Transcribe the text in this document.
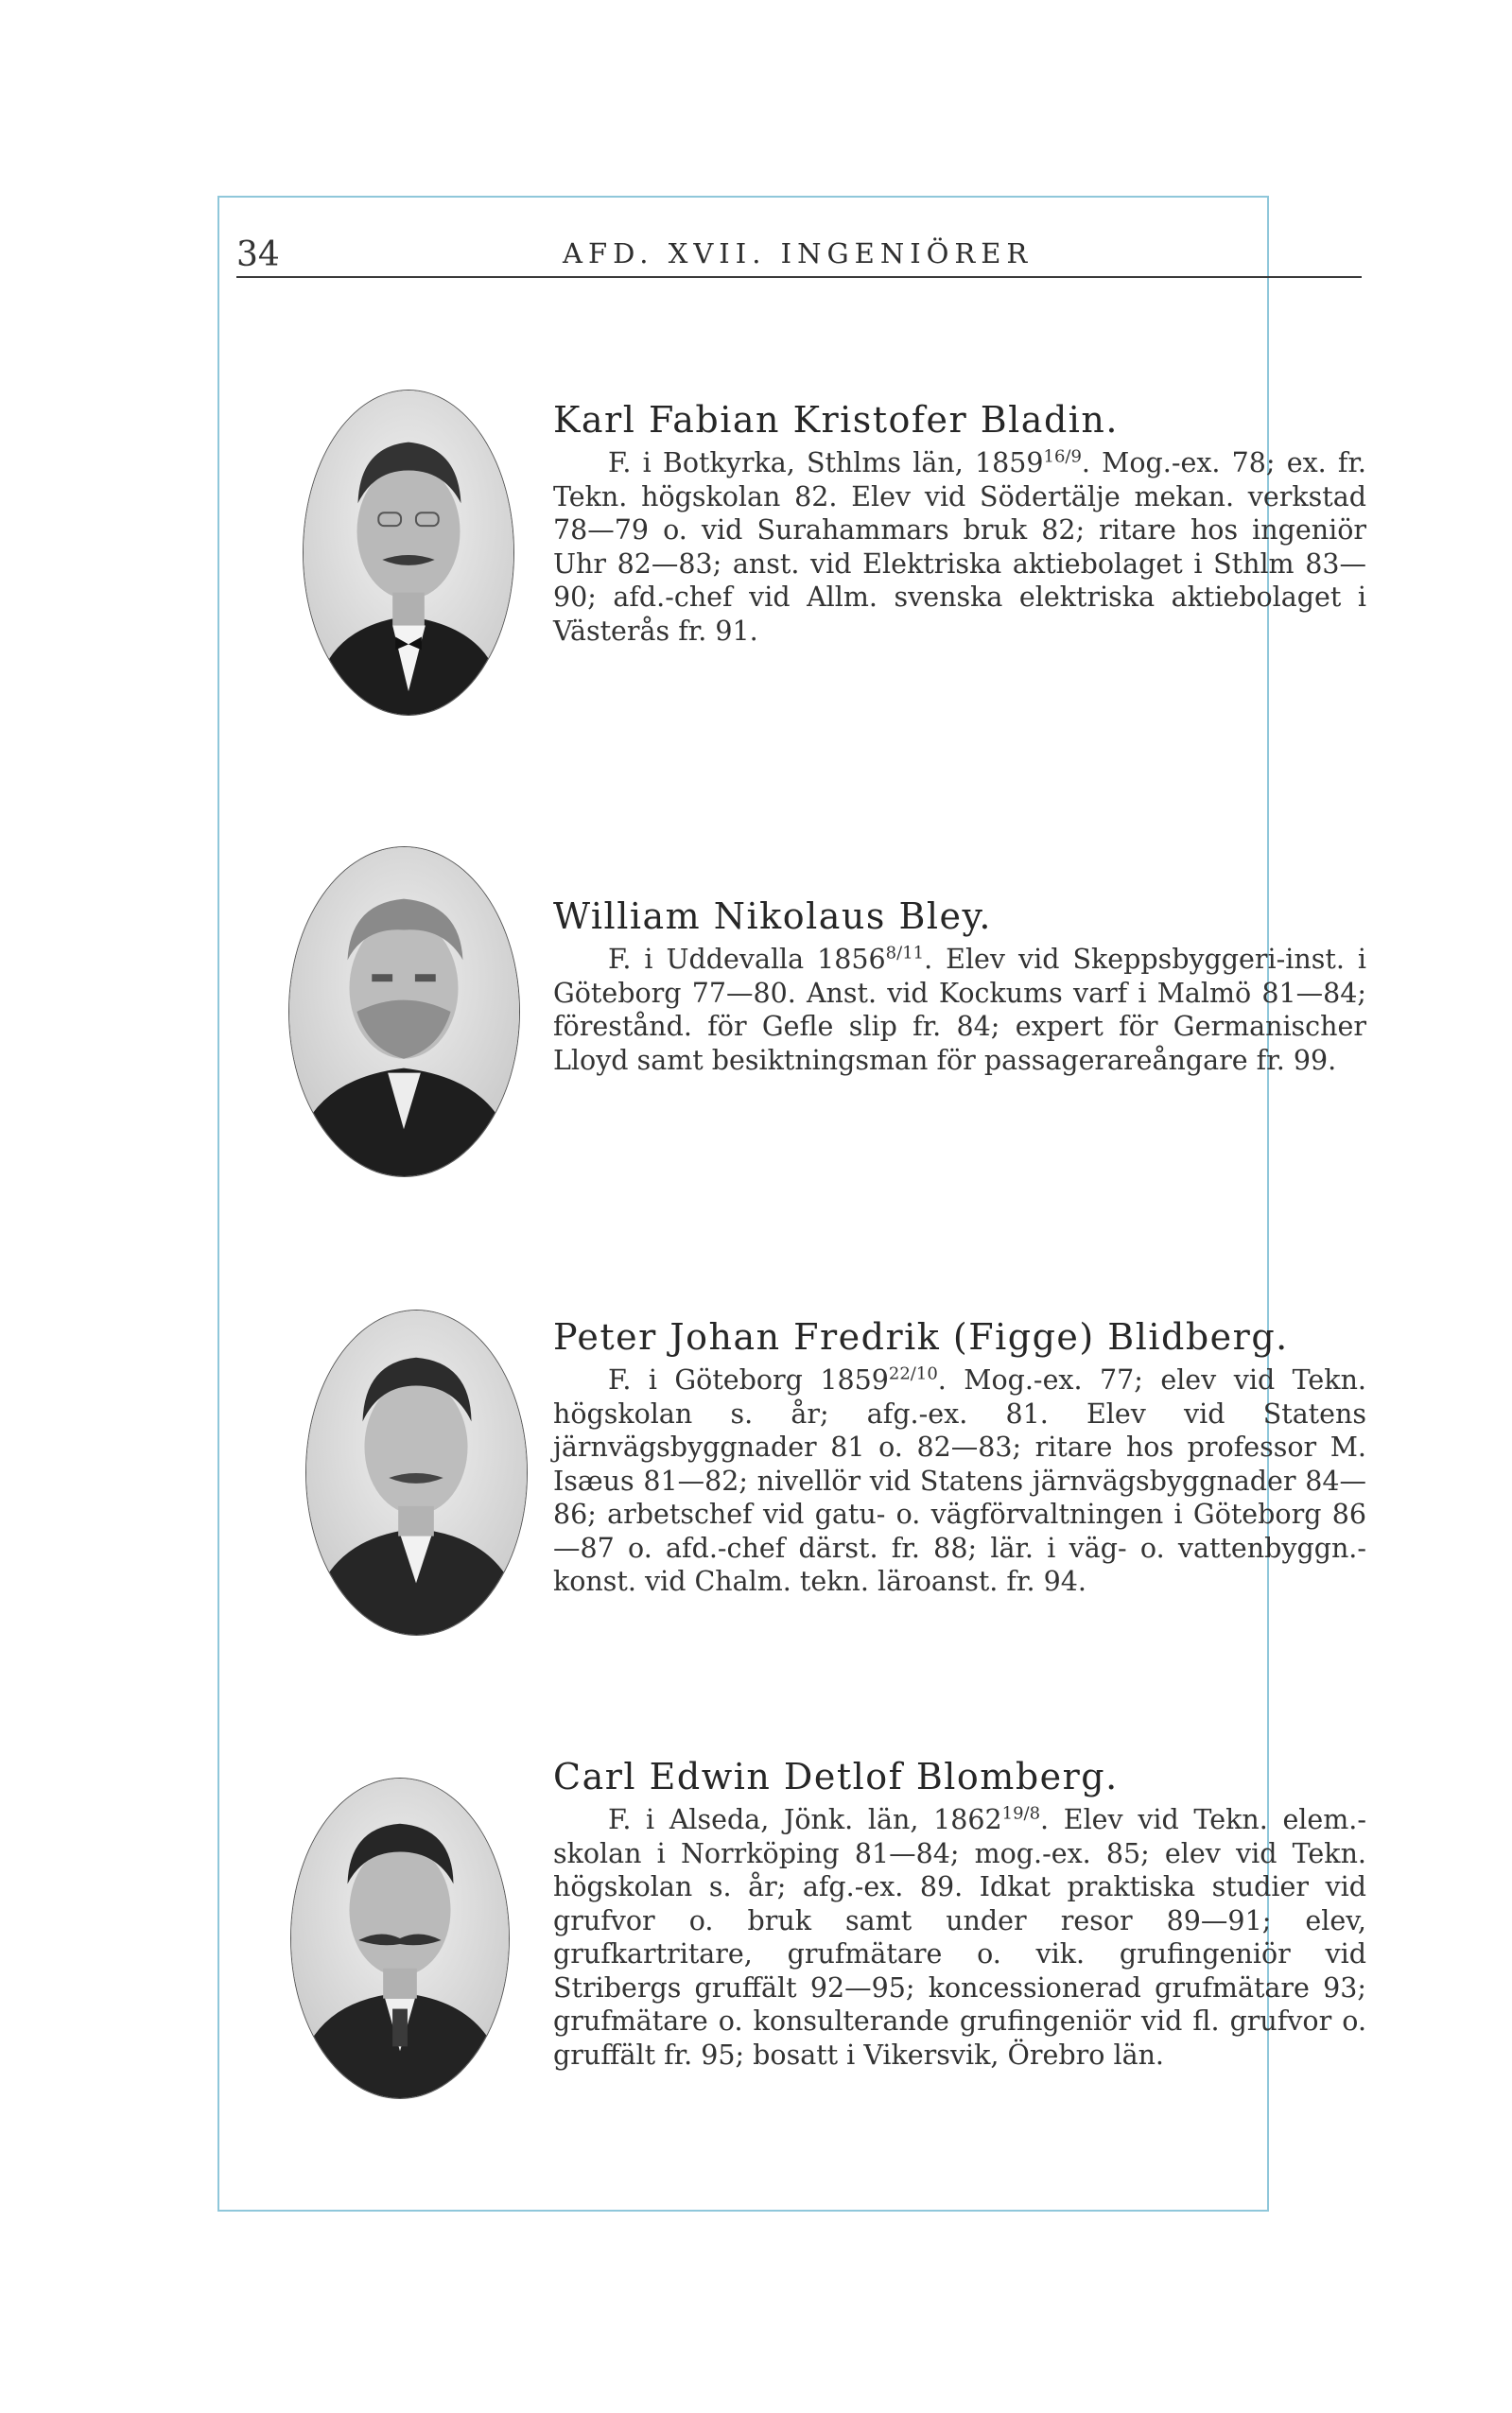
34	AFD. XVII. INGENIÖRER
Karl Fabian Kristofer Bladin.
F. i Botkyrka, Sthlms län, $1859^{16/9}$. Mog.-ex. 78; ex. fr. Tekn. högskolan 82. Elev vid Södertälje mekan. verkstad 78—79 o. vid Surahammars bruk 82; ritare hos ingeniör Uhr 82—83; anst. vid Elektriska aktiebolaget i Sthlm 83—90; afd.-chef vid Allm. svenska elektriska aktiebolaget i Västerås fr. 91.
William Nikolaus Bley.
F. i Uddevalla $1856^{8/11}$. Elev vid Skeppsbyggeri-inst. i Göteborg 77—80. Anst. vid Kockums varf i Malmö 81—84; förestånd. för Gefle slip fr. 84; expert för Germanischer Lloyd samt besiktningsman för passagerareångare fr. 99.
Peter Johan Fredrik (Figge) Blidberg.
F. i Göteborg $1859^{22/10}$. Mog.-ex. 77; elev vid Tekn. högskolan s. år; afg.-ex. 81. Elev vid Statens järnvägsbyggnader 81 o. 82—83; ritare hos professor M. Isæus 81—82; nivellör vid Statens järnvägsbyggnader 84—86; arbetschef vid gatu- o. vägförvaltningen i Göteborg 86—87 o. afd.-chef därst. fr. 88; lär. i väg- o. vattenbyggn.-konst. vid Chalm. tekn. läroanst. fr. 94.
Carl Edwin Detlof Blomberg.
F. i Alseda, Jönk. län, $1862^{19/8}$. Elev vid Tekn. elem.-skolan i Norrköping 81—84; mog.-ex. 85; elev vid Tekn. högskolan s. år; afg.-ex. 89. Idkat praktiska studier vid grufvor o. bruk samt under resor 89—91; elev, grufkartritare, grufmätare o. vik. grufingeniör vid Stribergs gruffält 92—95; koncessionerad grufmätare 93; grufmätare o. konsulterande grufingeniör vid fl. grufvor o. gruffält fr. 95; bosatt i Vikersvik, Örebro län.
